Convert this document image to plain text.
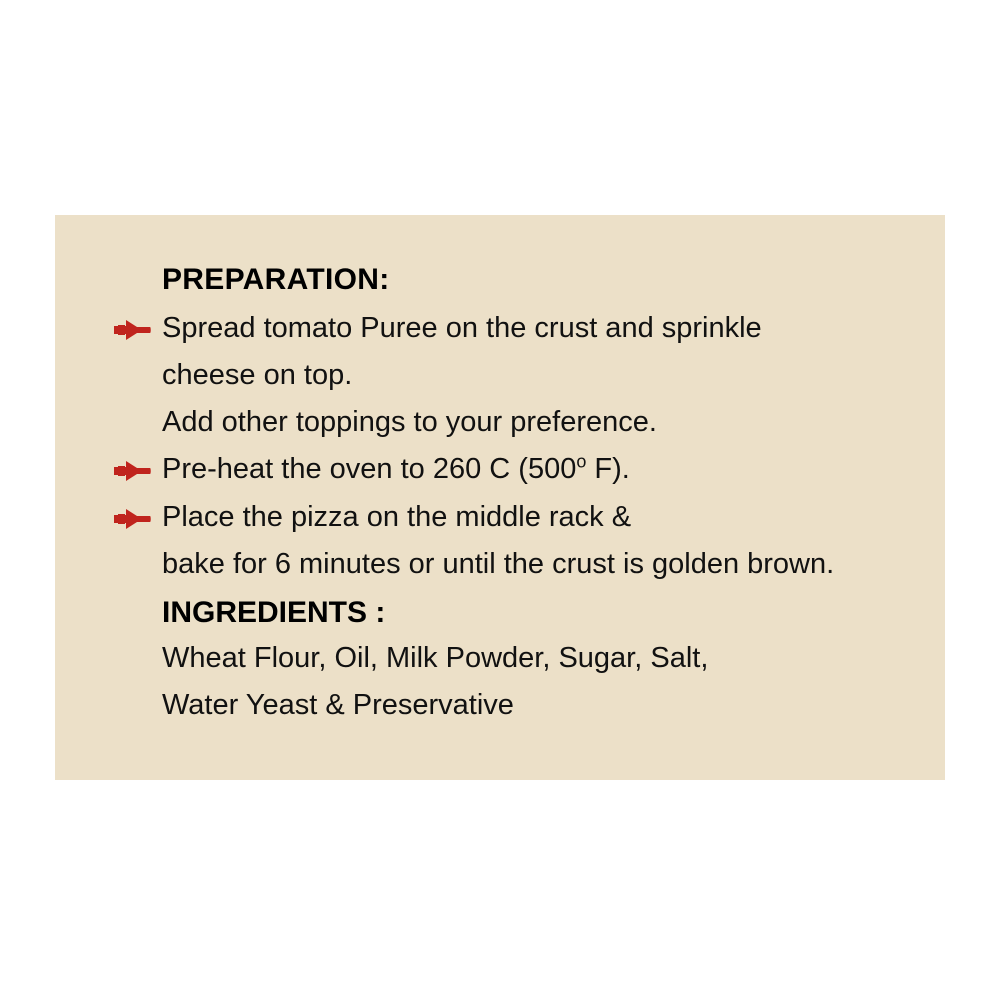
PREPARATION:
Spread tomato Puree on the crust and sprinkle
cheese on top.
Add other toppings to your preference.
Pre-heat the oven to 260 C (500$^o$ F).
Place the pizza on the middle rack &
bake for 6 minutes or until the crust is golden brown.
INGREDIENTS :
Wheat Flour, Oil, Milk Powder, Sugar, Salt,
Water Yeast & Preservative
